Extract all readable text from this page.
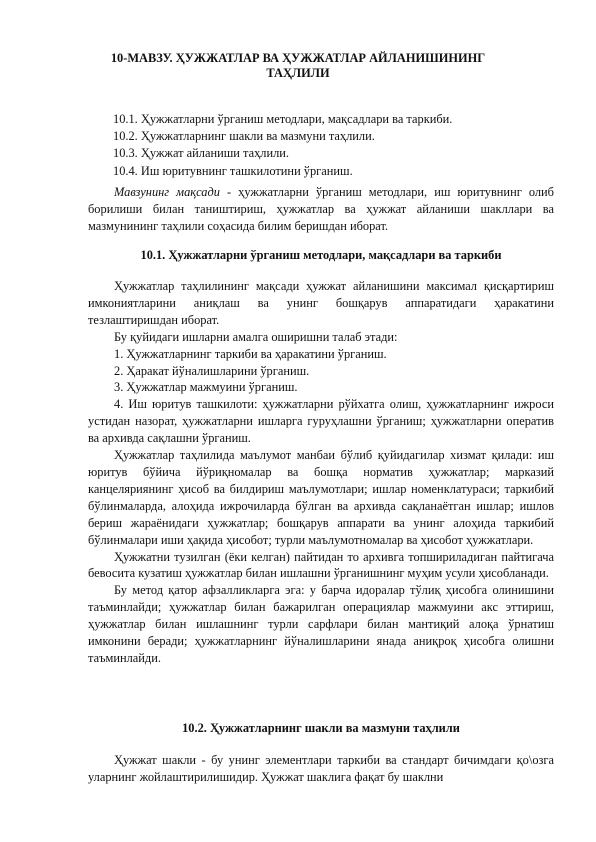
10-МАВЗУ. ҲУЖЖАТЛАР ВА ҲУЖЖАТЛАР АЙЛАНИШИНИНГ
ТАҲЛИЛИ
10.1. Ҳужжатларни ўрганиш методлари, мақсадлари ва таркиби.
10.2. Ҳужжатларнинг шакли ва мазмуни таҳлили.
10.3. Ҳужжат айланиши таҳлили.
10.4. Иш юритувнинг ташкилотини ўрганиш.

Мавзунинг мақсади - ҳужжатларни ўрганиш методлари, иш юритувнинг олиб борилиши билан таништириш, ҳужжатлар ва ҳужжат айланиши шакллари ва мазмунининг таҳлили соҳасида билим беришдан иборат.

10.1. Ҳужжатларни ўрганиш методлари, мақсадлари ва таркиби

Ҳужжатлар таҳлилининг мақсади ҳужжат айланишини максимал қисқартириш имкониятларини аниқлаш ва унинг бошқарув аппаратидаги ҳаракатини тезлаштиришдан иборат.

Бу қуйидаги ишларни амалга оширишни талаб этади:

1. Ҳужжатларнинг таркиби ва ҳаракатини ўрганиш.

2. Ҳаракат йўналишларини ўрганиш.

3. Ҳужжатлар мажмуини ўрганиш.

4. Иш юритув ташкилоти: ҳужжатларни рўйхатга олиш, ҳужжатларнинг ижроси устидан назорат, ҳужжатларни ишларга гуруҳлашни ўрганиш; ҳужжатларни оператив ва архивда сақлашни ўрганиш.

Ҳужжатлар таҳлилида маълумот манбаи бўлиб қуйидагилар хизмат қилади: иш юритув бўйича йўриқномалар ва бошқа норматив ҳужжатлар; марказий канцеляриянинг ҳисоб ва билдириш маълумотлари; ишлар номенклатураси; таркибий бўлинмаларда, алоҳида ижрочиларда бўлган ва архивда сақланаётган ишлар; ишлов бериш жараёнидаги ҳужжатлар; бошқарув аппарати ва унинг алоҳида таркибий бўлинмалари иши ҳақида ҳисобот; турли маълумотномалар ва ҳисобот ҳужжатлари.

Ҳужжатни тузилган (ёки келган) пайтидан то архивга топшириладиган пайтигача бевосита кузатиш ҳужжатлар билан ишлашни ўрганишнинг муҳим усули ҳисобланади.

Бу метод қатор афзалликларга эга: у барча идоралар тўлиқ ҳисобга олинишини таъминлайди; ҳужжатлар билан бажарилган операциялар мажмуини акс эттириш, ҳужжатлар билан ишлашнинг турли сарфлари билан мантиқий алоқа ўрнатиш имконини беради; ҳужжатларнинг йўналишларини янада аниқроқ ҳисобга олишни таъминлайди.

10.2. Ҳужжатларнинг шакли ва мазмуни таҳлили

Ҳужжат шакли - бу унинг элементлари таркиби ва стандарт бичимдаги қо\озга уларнинг жойлаштирилишидир. Ҳужжат шаклига фақат бу шаклни
